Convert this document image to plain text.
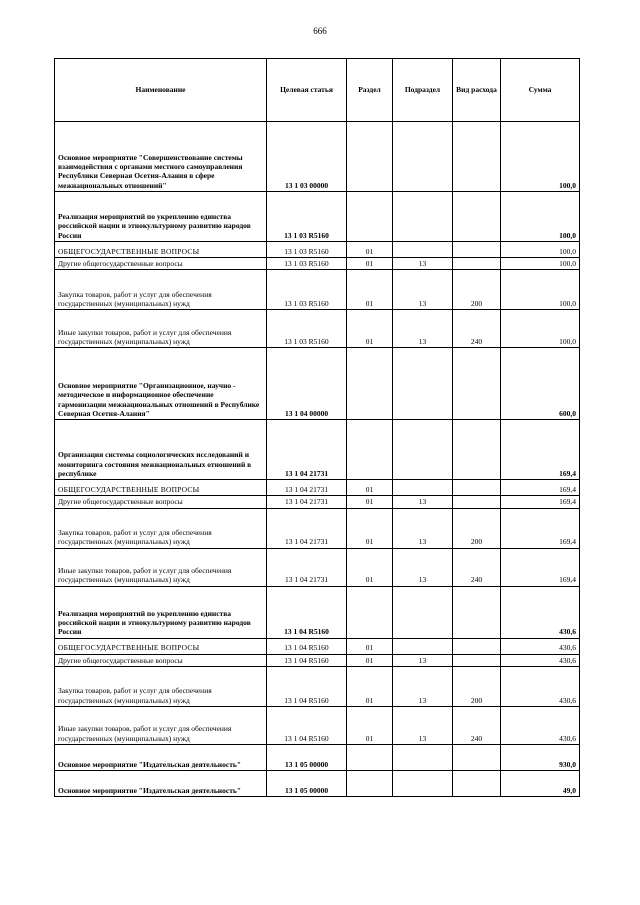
666
Наименование	Целевая статья	Раздел	Подраздел	Вид расхода	Сумма
Основное мероприятие "Совершенствование системы взаимодействия с органами местного самоуправления Республики Северная Осетия-Алания в сфере межнациональных отношений"	13 1 03 00000				100,0
Реализация мероприятий по укреплению единства российской нации и этнокультурному развитию народов России	13 1 03 R5160				100,0
ОБЩЕГОСУДАРСТВЕННЫЕ ВОПРОСЫ	13 1 03 R5160	01			100,0
Другие общегосударственные вопросы	13 1 03 R5160	01	13		100,0
Закупка товаров, работ и услуг для обеспечения государственных (муниципальных) нужд	13 1 03 R5160	01	13	200	100,0
Иные закупки товаров, работ и услуг для обеспечения государственных (муниципальных) нужд	13 1 03 R5160	01	13	240	100,0
Основное мероприятие "Организационное, научно - методическое и информационное обеспечение гармонизации межнациональных отношений в Республике Северная Осетия-Алания"	13 1 04 00000				600,0
Организация системы социологических исследований и мониторинга состояния межнациональных отношений в республике	13 1 04 21731				169,4
ОБЩЕГОСУДАРСТВЕННЫЕ ВОПРОСЫ	13 1 04 21731	01			169,4
Другие общегосударственные вопросы	13 1 04 21731	01	13		169,4
Закупка товаров, работ и услуг для обеспечения государственных (муниципальных) нужд	13 1 04 21731	01	13	200	169,4
Иные закупки товаров, работ и услуг для обеспечения государственных (муниципальных) нужд	13 1 04 21731	01	13	240	169,4
Реализация мероприятий по укреплению единства российской нации и этнокультурному развитию народов России	13 1 04 R5160				430,6
ОБЩЕГОСУДАРСТВЕННЫЕ ВОПРОСЫ	13 1 04 R5160	01			430,6
Другие общегосударственные вопросы	13 1 04 R5160	01	13		430,6
Закупка товаров, работ и услуг для обеспечения государственных (муниципальных) нужд	13 1 04 R5160	01	13	200	430,6
Иные закупки товаров, работ и услуг для обеспечения государственных (муниципальных) нужд	13 1 04 R5160	01	13	240	430,6
Основное мероприятие "Издательская деятельность"	13 1 05 00000				930,0
Основное мероприятие "Издательская деятельность"	13 1 05 00000				49,0
